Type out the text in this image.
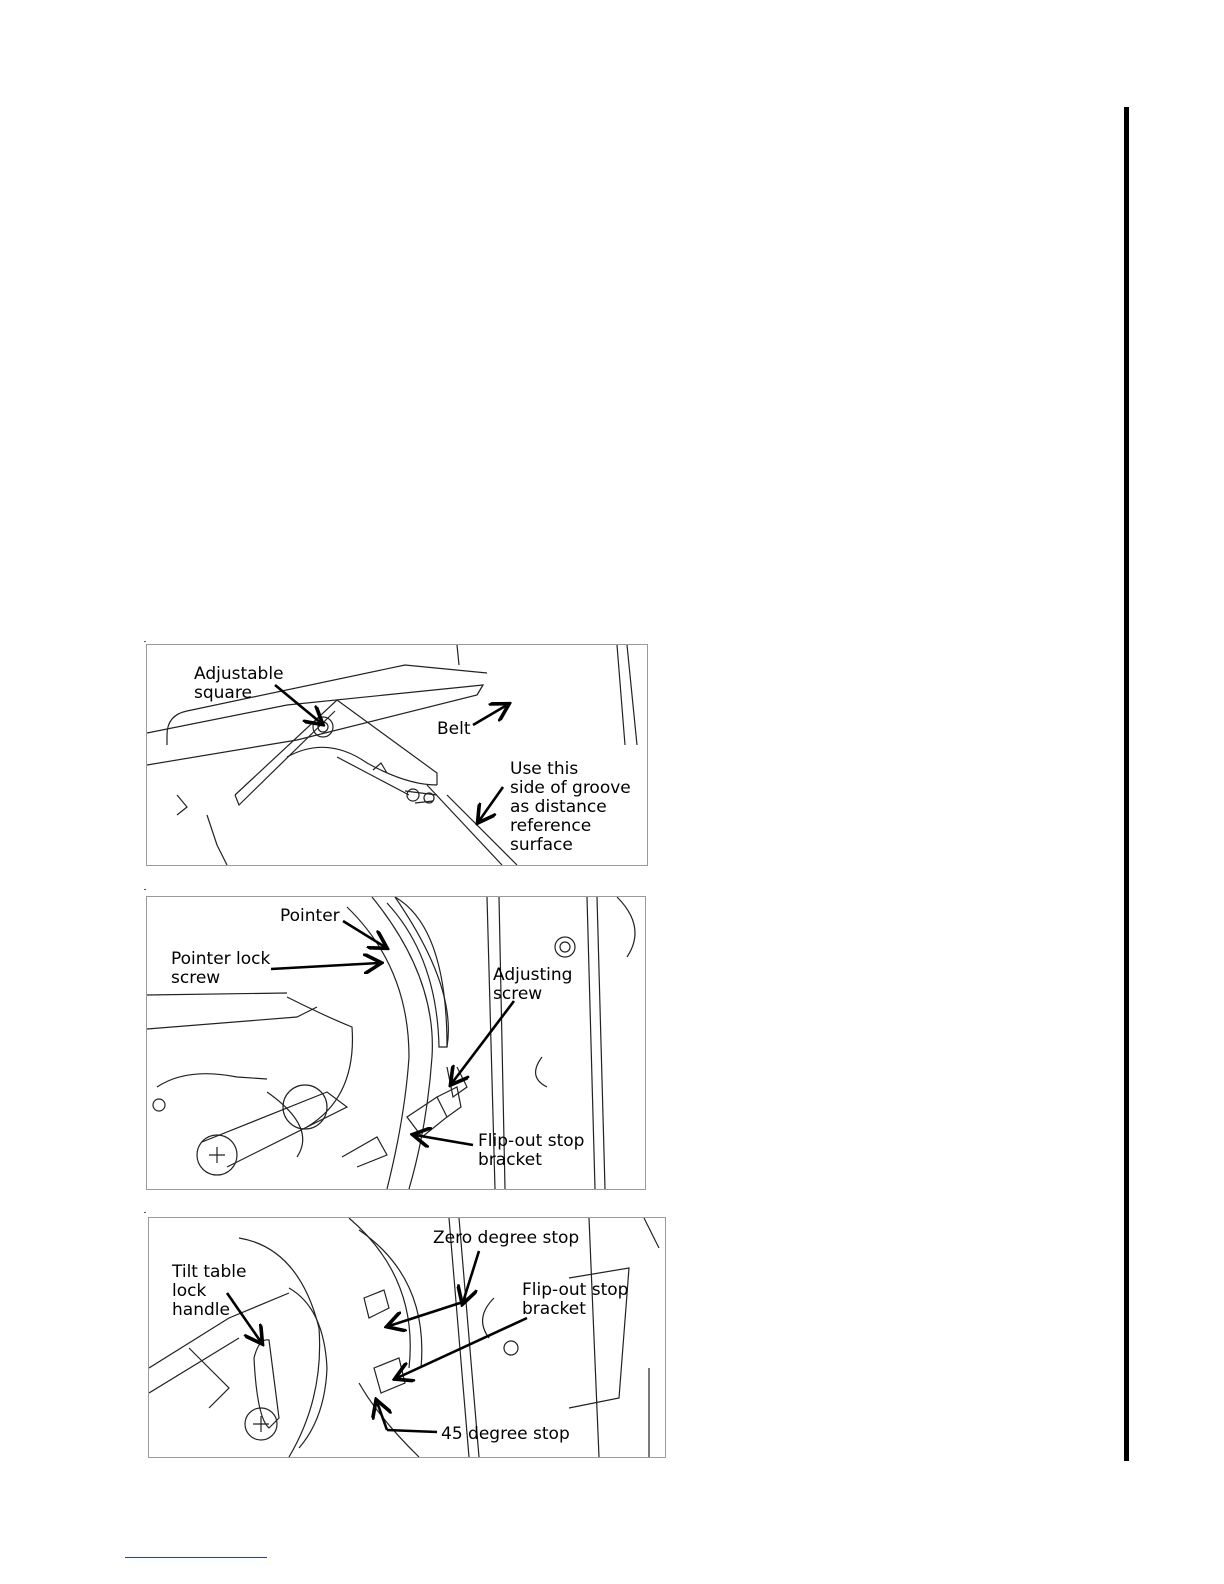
Adjustable
square
Belt
Use this
side of groove
as distance
reference
surface
Pointer
Pointer lock
screw	Adjusting
screw
Flip-out stop
bracket
Tilt table
lock
handle
Zero degree stop
Flip-out stop
bracket
45 degree stop
